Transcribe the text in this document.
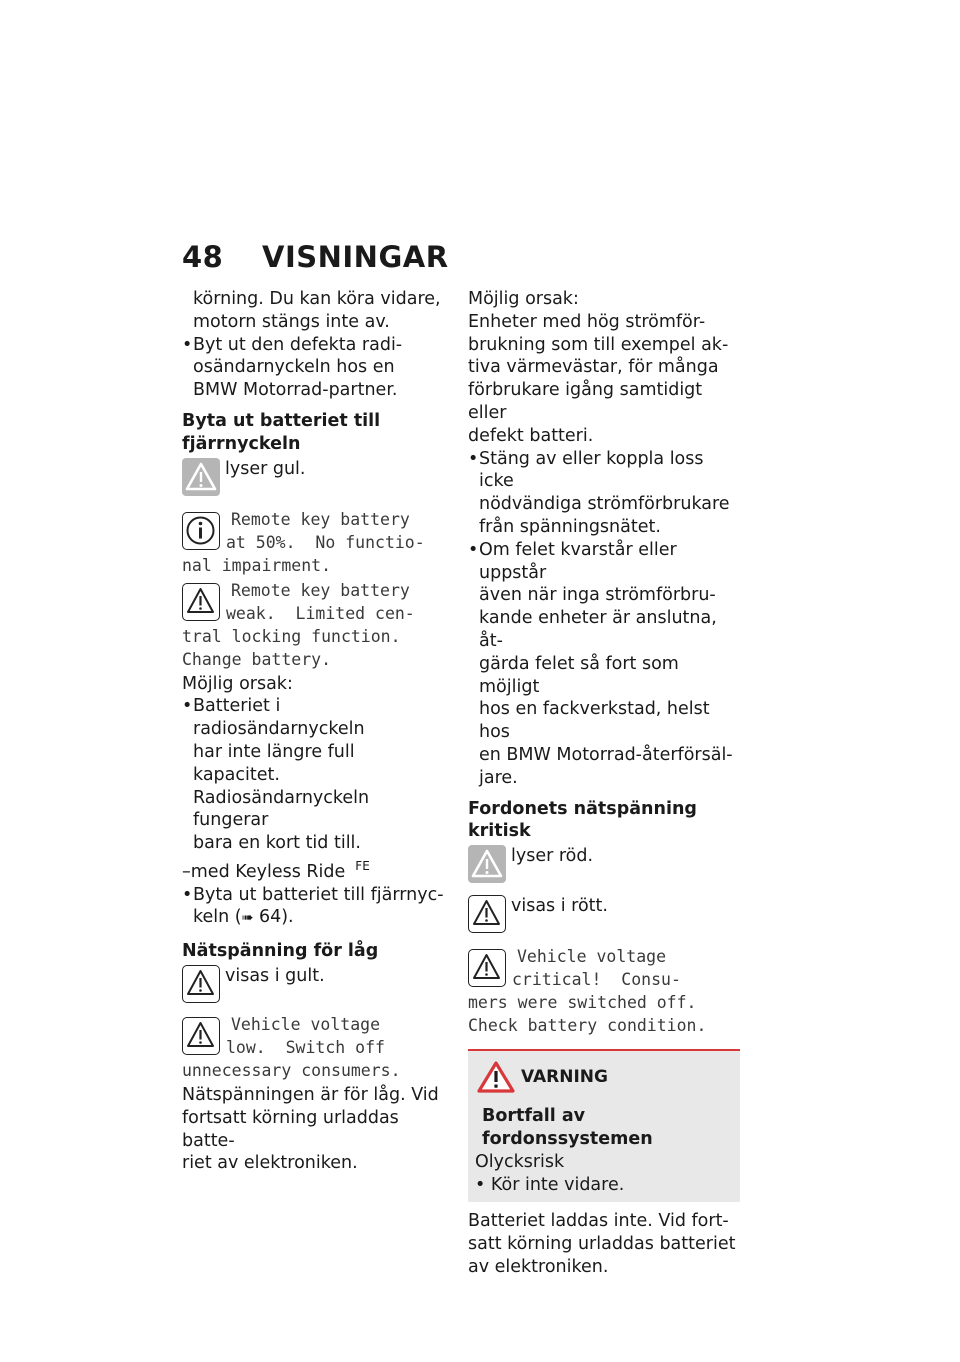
48 VISNINGAR

körning. Du kan köra vidare,

motorn stängs inte av.

• Byt ut den defekta radi-

osändarnyckeln hos en

BMW Motorrad-partner.

Byta ut batteriet till

fjärrnyckeln

lyser gul.

Remote key battery

at 50%.  No functio-

nal impairment.

Remote key battery

weak.  Limited cen-

tral locking function.

Change battery.

Möjlig orsak:

• Batteriet i radiosändarnyckeln

har inte längre full kapacitet.

Radiosändarnyckeln fungerar

bara en kort tid till.

–med Keyless Ride $^{FE}$

• Byta ut batteriet till fjärrnyc-

keln (➠ 64).

Nätspänning för låg

visas i gult.

Vehicle voltage

low.  Switch off

unnecessary consumers.

Nätspänningen är för låg. Vid

fortsatt körning urladdas batte-

riet av elektroniken.

Möjlig orsak:

Enheter med hög strömför-

brukning som till exempel ak-

tiva värmevästar, för många

förbrukare igång samtidigt eller

defekt batteri.

• Stäng av eller koppla loss icke

nödvändiga strömförbrukare

från spänningsnätet.

• Om felet kvarstår eller uppstår

även när inga strömförbru-

kande enheter är anslutna, åt-

gärda felet så fort som möjligt

hos en fackverkstad, helst hos

en BMW Motorrad-återförsäl-

jare.

Fordonets nätspänning kritisk

lyser röd.
visas i rött.

Vehicle voltage

critical!  Consu-

mers were switched off.

Check battery condition.

VARNING

Bortfall av fordonssystemen

Olycksrisk

• Kör inte vidare.

Batteriet laddas inte. Vid fort-

satt körning urladdas batteriet

av elektroniken.
